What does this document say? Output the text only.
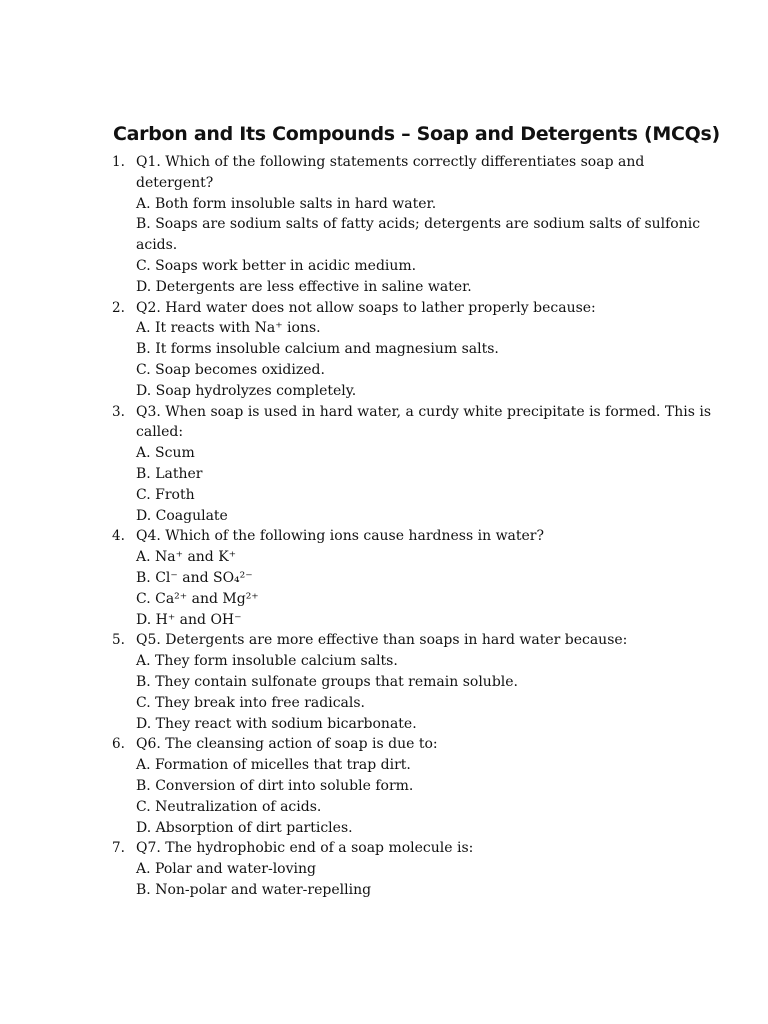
Carbon and Its Compounds – Soap and Detergents (MCQs)
1. Q1. Which of the following statements correctly differentiates soap and
detergent?
A. Both form insoluble salts in hard water.
B. Soaps are sodium salts of fatty acids; detergents are sodium salts of sulfonic
acids.
C. Soaps work better in acidic medium.
D. Detergents are less effective in saline water.
2. Q2. Hard water does not allow soaps to lather properly because:
A. It reacts with Na⁺ ions.
B. It forms insoluble calcium and magnesium salts.
C. Soap becomes oxidized.
D. Soap hydrolyzes completely.
3. Q3. When soap is used in hard water, a curdy white precipitate is formed. This is
called:
A. Scum
B. Lather
C. Froth
D. Coagulate
4. Q4. Which of the following ions cause hardness in water?
A. Na⁺ and K⁺
B. Cl⁻ and SO₄²⁻
C. Ca²⁺ and Mg²⁺
D. H⁺ and OH⁻
5. Q5. Detergents are more effective than soaps in hard water because:
A. They form insoluble calcium salts.
B. They contain sulfonate groups that remain soluble.
C. They break into free radicals.
D. They react with sodium bicarbonate.
6. Q6. The cleansing action of soap is due to:
A. Formation of micelles that trap dirt.
B. Conversion of dirt into soluble form.
C. Neutralization of acids.
D. Absorption of dirt particles.
7. Q7. The hydrophobic end of a soap molecule is:
A. Polar and water-loving
B. Non-polar and water-repelling
